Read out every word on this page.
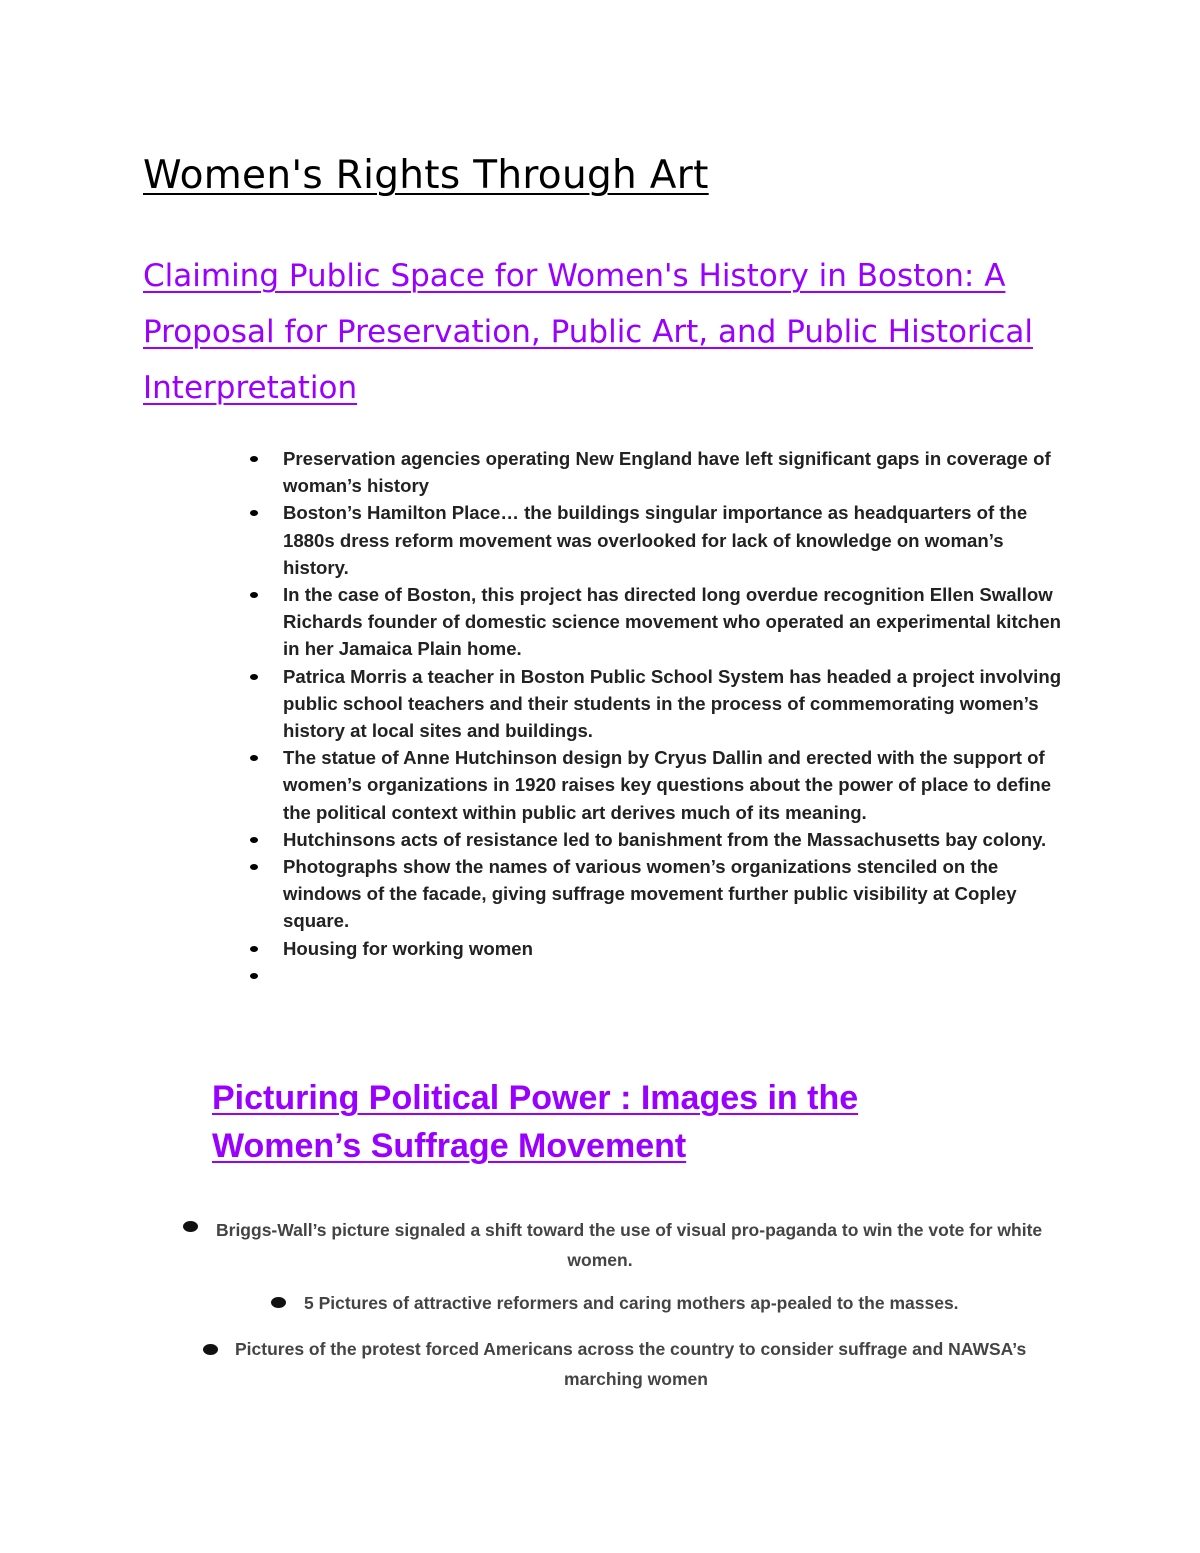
Women's Rights Through Art
Claiming Public Space for Women's History in Boston: A Proposal for Preservation, Public Art, and Public Historical Interpretation
Preservation agencies operating New England have left significant gaps in coverage of woman’s history
Boston’s Hamilton Place… the buildings singular importance as headquarters of the 1880s dress reform movement was overlooked for lack of knowledge on woman’s history.
In the case of Boston, this project has directed long overdue recognition Ellen Swallow Richards founder of domestic science movement who operated an experimental kitchen in her Jamaica Plain home.
Patrica Morris a teacher in Boston Public School System has headed a project involving public school teachers and their students in the process of commemorating women’s history at local sites and buildings.
The statue of Anne Hutchinson design by Cryus Dallin and erected with the support of women’s organizations in 1920 raises key questions about the power of place to define the political context within public art derives much of its meaning.
Hutchinsons acts of resistance led to banishment from the Massachusetts bay colony.
Photographs show the names of various women’s organizations stenciled on the windows of the facade, giving suffrage movement further public visibility at Copley square.
Housing for working women
Picturing Political Power : Images in the Women’s Suffrage Movement
Briggs-Wall’s picture signaled a shift toward the use of visual pro-paganda to win the vote for white
women.
5 Pictures of attractive reformers and caring mothers ap-pealed to the masses.
Pictures of the protest forced Americans across the country to consider suffrage and NAWSA’s
marching women
